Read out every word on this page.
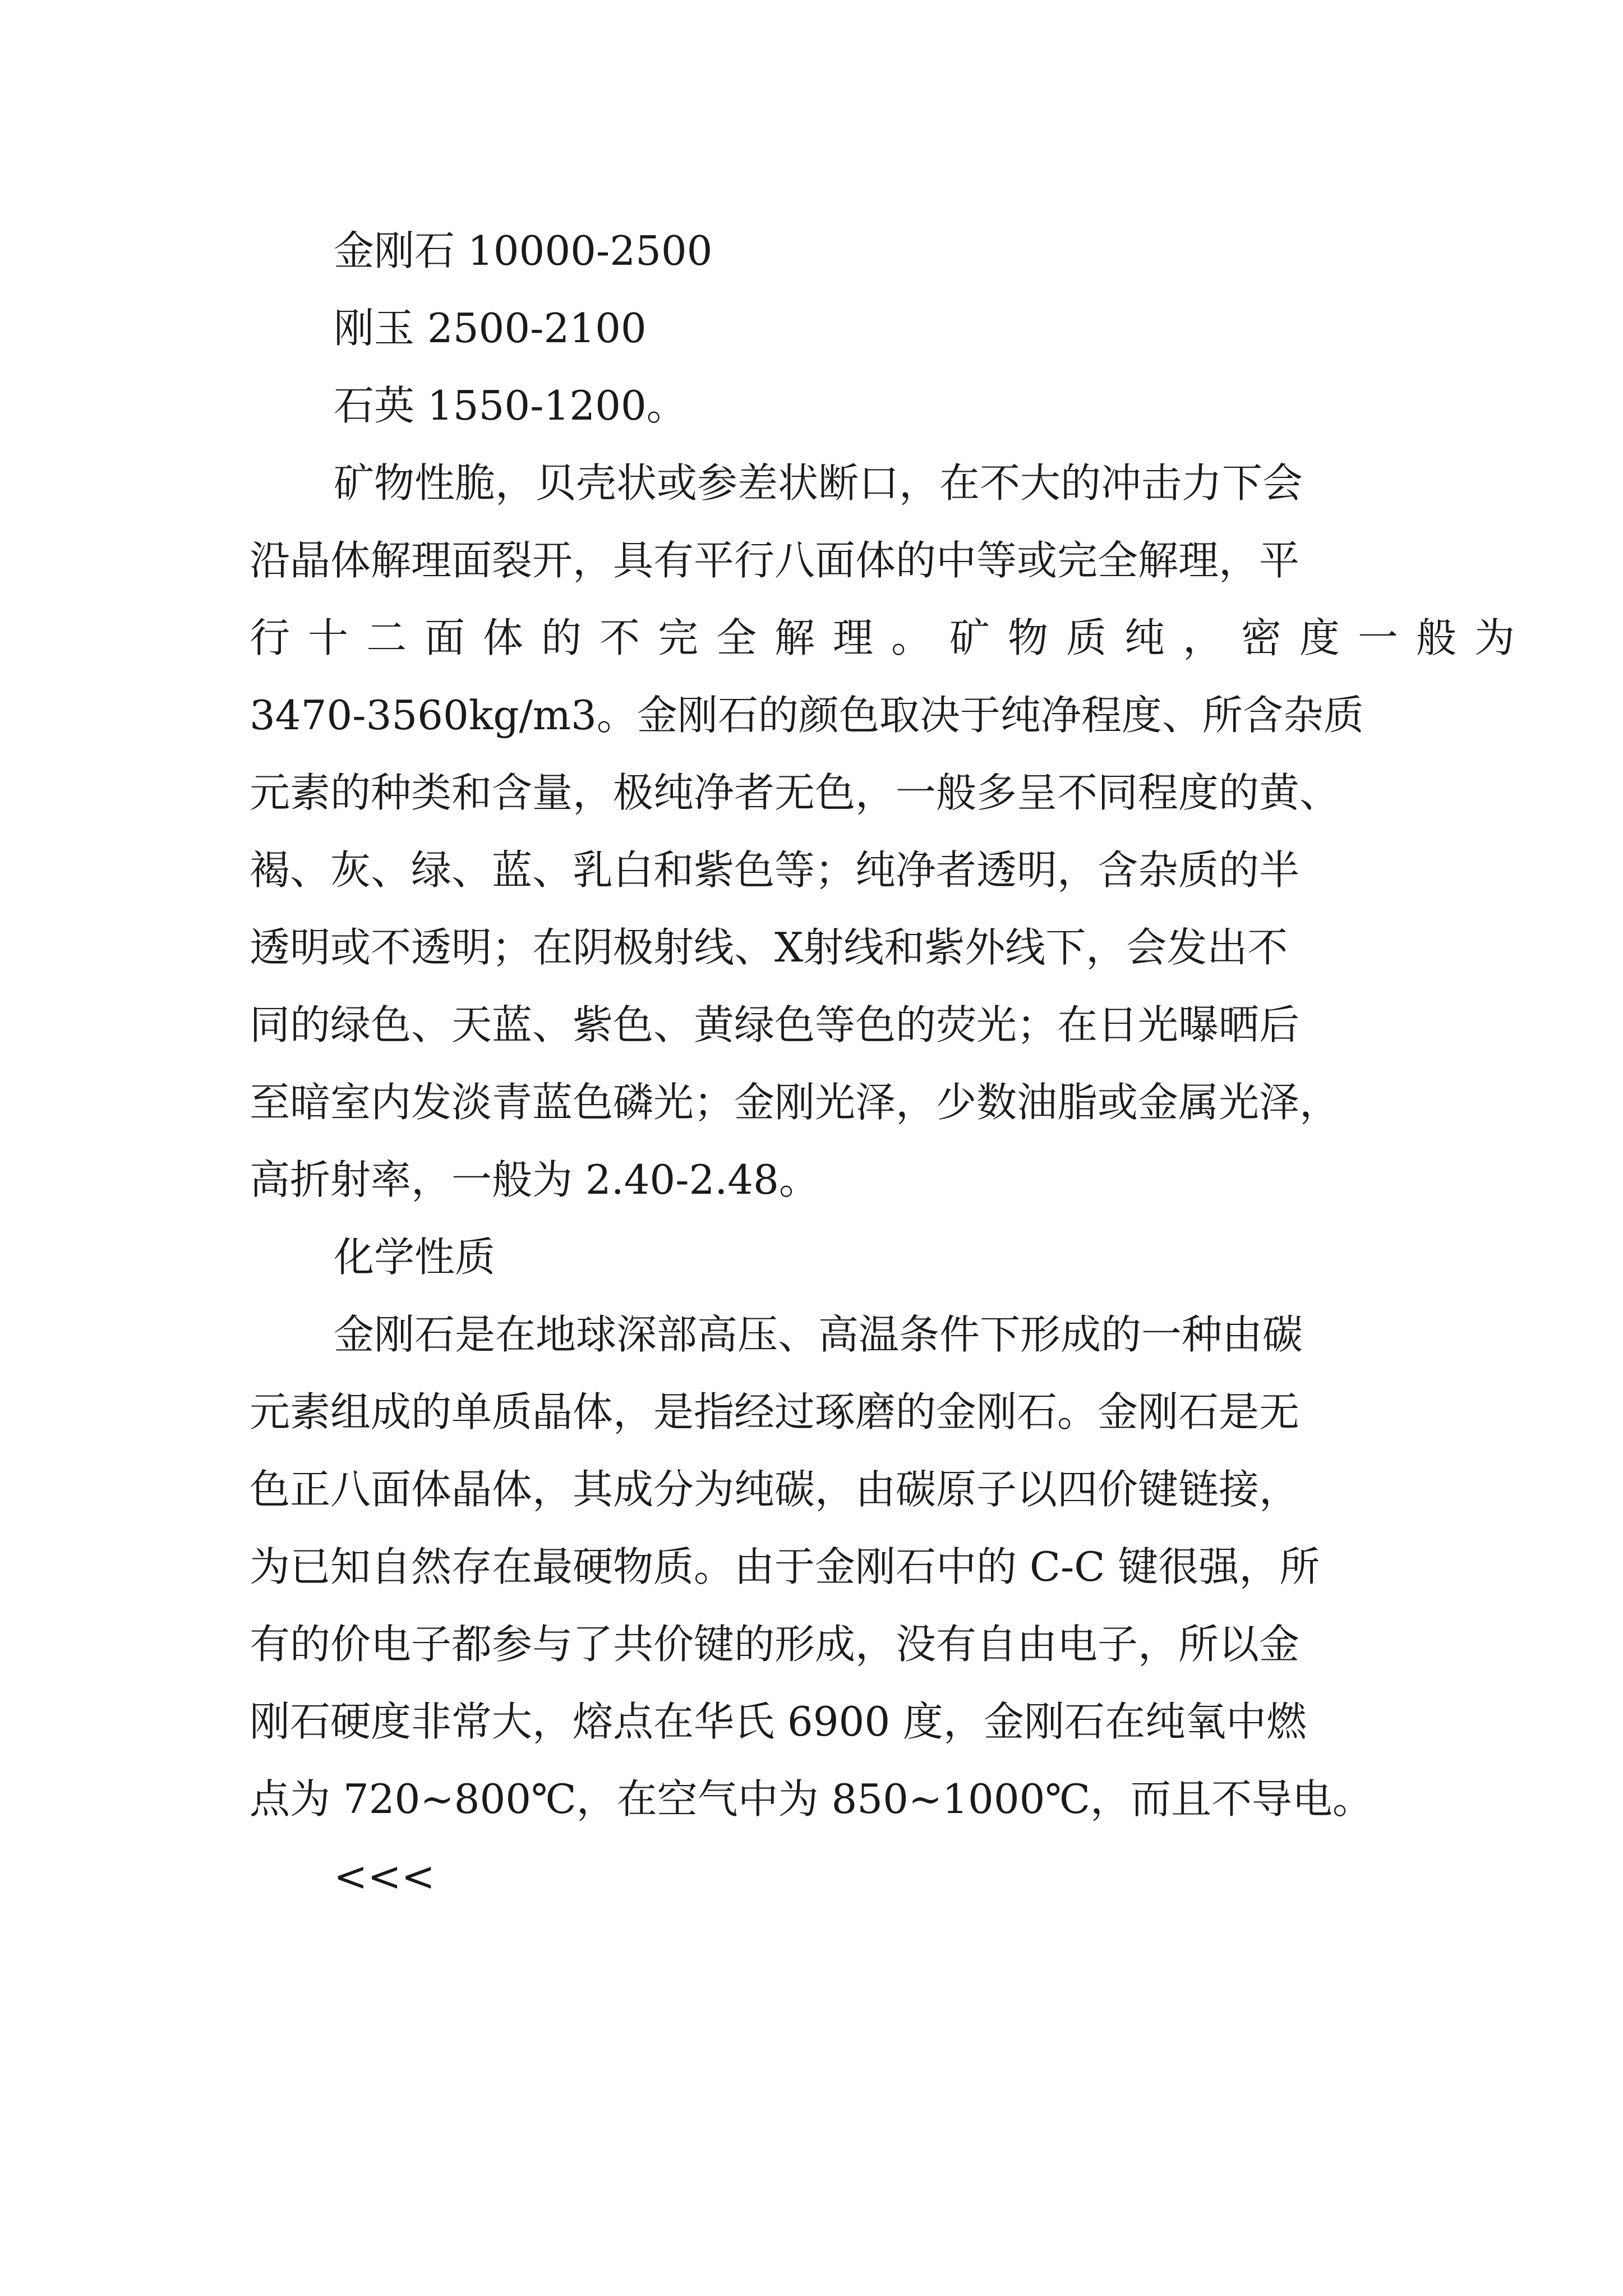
金刚石 10000-2500
刚玉 2500-2100
石英 1550-1200。
矿物性脆，贝壳状或参差状断口，在不大的冲击力下会
沿晶体解理面裂开，具有平行八面体的中等或完全解理，平
行十二面体的不完全解理。矿物质纯，密度一般为
3470-3560kg/m3。金刚石的颜色取决于纯净程度、所含杂质
元素的种类和含量，极纯净者无色，一般多呈不同程度的黄、
褐、灰、绿、蓝、乳白和紫色等；纯净者透明，含杂质的半
透明或不透明；在阴极射线、X射线和紫外线下，会发出不
同的绿色、天蓝、紫色、黄绿色等色的荧光；在日光曝晒后
至暗室内发淡青蓝色磷光；金刚光泽，少数油脂或金属光泽，
高折射率，一般为 2.40-2.48。
化学性质
金刚石是在地球深部高压、高温条件下形成的一种由碳
元素组成的单质晶体，是指经过琢磨的金刚石。金刚石是无
色正八面体晶体，其成分为纯碳，由碳原子以四价键链接，
为已知自然存在最硬物质。由于金刚石中的 C-C 键很强，所
有的价电子都参与了共价键的形成，没有自由电子，所以金
刚石硬度非常大，熔点在华氏 6900 度，金刚石在纯氧中燃
点为 720~800℃，在空气中为 850~1000℃，而且不导电。
<<<
